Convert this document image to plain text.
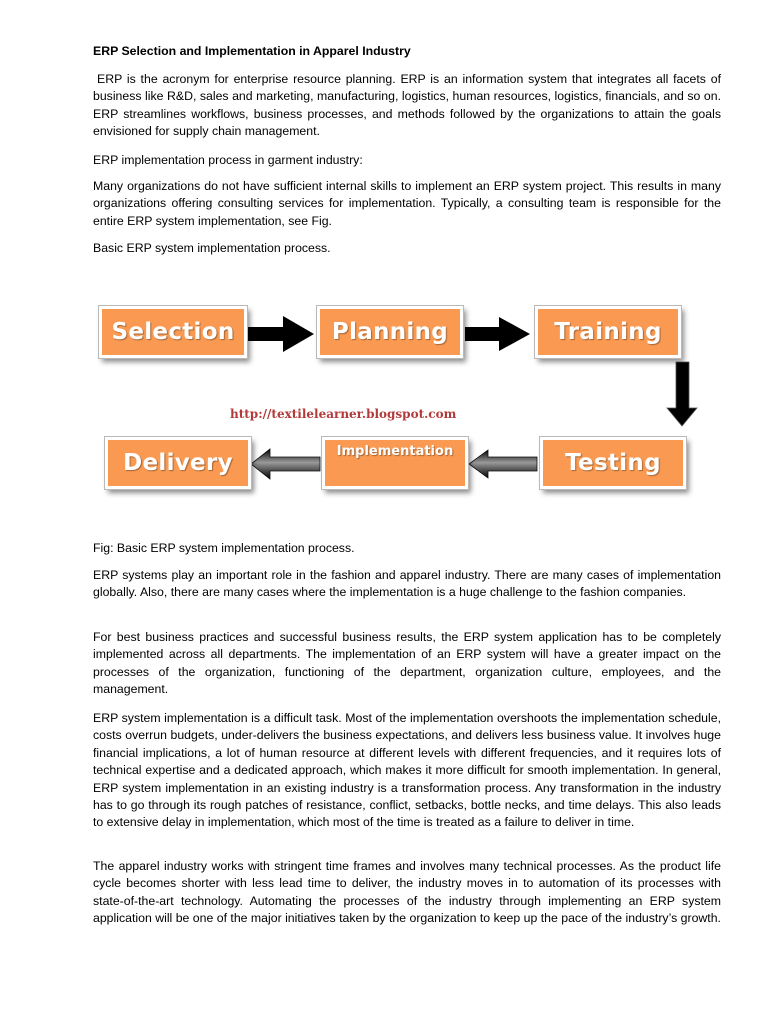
ERP Selection and Implementation in Apparel Industry

ERP is the acronym for enterprise resource planning. ERP is an information system that integrates all facets of business like R&D, sales and marketing, manufacturing, logistics, human resources, logistics, financials, and so on. ERP streamlines workflows, business processes, and methods followed by the organizations to attain the goals envisioned for supply chain management.

ERP implementation process in garment industry:

Many organizations do not have sufficient internal skills to implement an ERP system project. This results in many organizations offering consulting services for implementation. Typically, a consulting team is responsible for the entire ERP system implementation, see Fig.

Basic ERP system implementation process.

Fig: Basic ERP system implementation process.

ERP systems play an important role in the fashion and apparel industry. There are many cases of implementation globally. Also, there are many cases where the implementation is a huge challenge to the fashion companies.

For best business practices and successful business results, the ERP system application has to be completely implemented across all departments. The implementation of an ERP system will have a greater impact on the processes of the organization, functioning of the department, organization culture, employees, and the management.

ERP system implementation is a difficult task. Most of the implementation overshoots the implementation schedule, costs overrun budgets, under-delivers the business expectations, and delivers less business value. It involves huge financial implications, a lot of human resource at different levels with different frequencies, and it requires lots of technical expertise and a dedicated approach, which makes it more difficult for smooth implementation. In general, ERP system implementation in an existing industry is a transformation process. Any transformation in the industry has to go through its rough patches of resistance, conflict, setbacks, bottle necks, and time delays. This also leads to extensive delay in implementation, which most of the time is treated as a failure to deliver in time.

The apparel industry works with stringent time frames and involves many technical processes. As the product life cycle becomes shorter with less lead time to deliver, the industry moves in to automation of its processes with state-of-the-art technology. Automating the processes of the industry through implementing an ERP system application will be one of the major initiatives taken by the organization to keep up the pace of the industry’s growth.

Selection	Planning	Training
Testing
Implementation
Delivery
http://textilelearner.blogspot.com
